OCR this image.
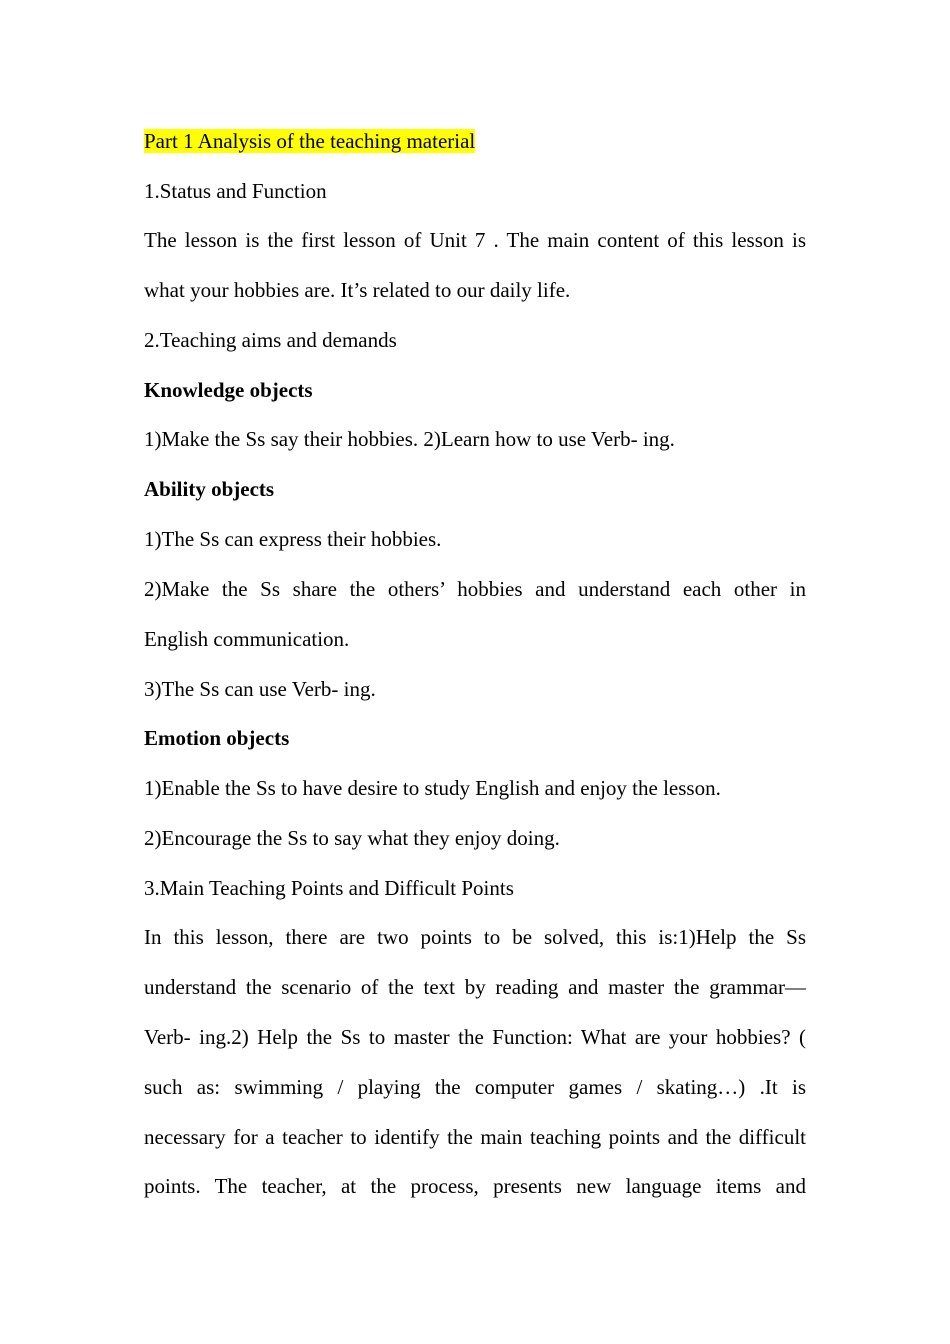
Part 1 Analysis of the teaching material
1.Status and Function
The lesson is the first lesson of Unit 7 . The main content of this lesson is
what your hobbies are. It’s related to our daily life.
2.Teaching aims and demands
Knowledge objects
1)Make the Ss say their hobbies. 2)Learn how to use Verb- ing.
Ability objects
1)The Ss can express their hobbies.
2)Make the Ss share the others’ hobbies and understand each other in
English communication.
3)The Ss can use Verb- ing.
Emotion objects
1)Enable the Ss to have desire to study English and enjoy the lesson.
2)Encourage the Ss to say what they enjoy doing.
3.Main Teaching Points and Difficult Points
In this lesson, there are two points to be solved, this is:1)Help the Ss
understand the scenario of the text by reading and master the grammar—
Verb- ing.2) Help the Ss to master the Function: What are your hobbies? (
such as: swimming / playing the computer games / skating…) .It is
necessary for a teacher to identify the main teaching points and the difficult
points. The teacher, at the process, presents new language items and
